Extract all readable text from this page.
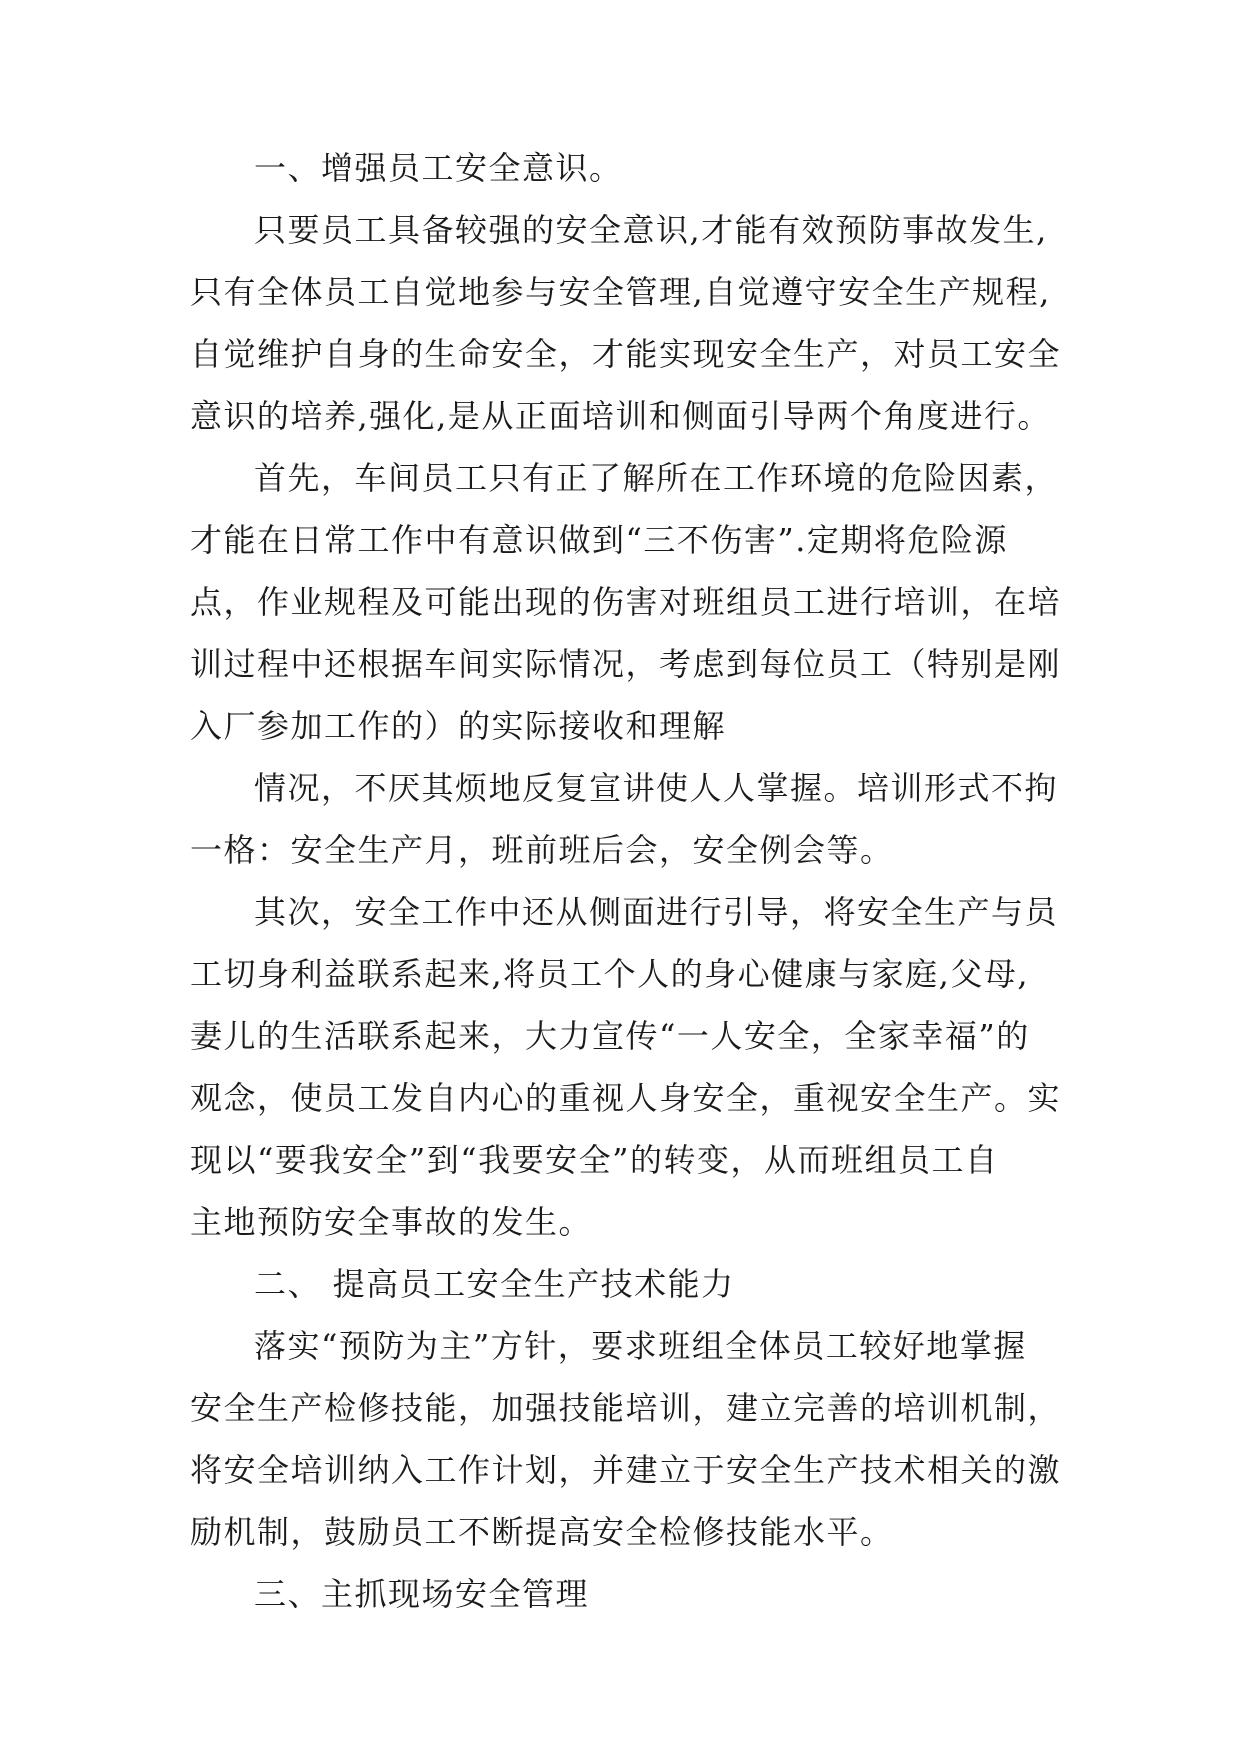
一、增强员工安全意识。
只要员工具备较强的安全意识,才能有效预防事故发生,
只有全体员工自觉地参与安全管理,自觉遵守安全生产规程,
自觉维护自身的生命安全，才能实现安全生产，对员工安全
意识的培养,强化,是从正面培训和侧面引导两个角度进行。
首先，车间员工只有正了解所在工作环境的危险因素，
才能在日常工作中有意识做到“三不伤害”.定期将危险源
点，作业规程及可能出现的伤害对班组员工进行培训，在培
训过程中还根据车间实际情况，考虑到每位员工（特别是刚
入厂参加工作的）的实际接收和理解
情况，不厌其烦地反复宣讲使人人掌握。培训形式不拘
一格：安全生产月，班前班后会，安全例会等。
其次，安全工作中还从侧面进行引导，将安全生产与员
工切身利益联系起来,将员工个人的身心健康与家庭,父母,
妻儿的生活联系起来，大力宣传“一人安全，全家幸福”的
观念，使员工发自内心的重视人身安全，重视安全生产。实
现以“要我安全”到“我要安全”的转变，从而班组员工自
主地预防安全事故的发生。
二、 提高员工安全生产技术能力
落实“预防为主”方针，要求班组全体员工较好地掌握
安全生产检修技能，加强技能培训，建立完善的培训机制，
将安全培训纳入工作计划，并建立于安全生产技术相关的激
励机制，鼓励员工不断提高安全检修技能水平。
三、主抓现场安全管理
